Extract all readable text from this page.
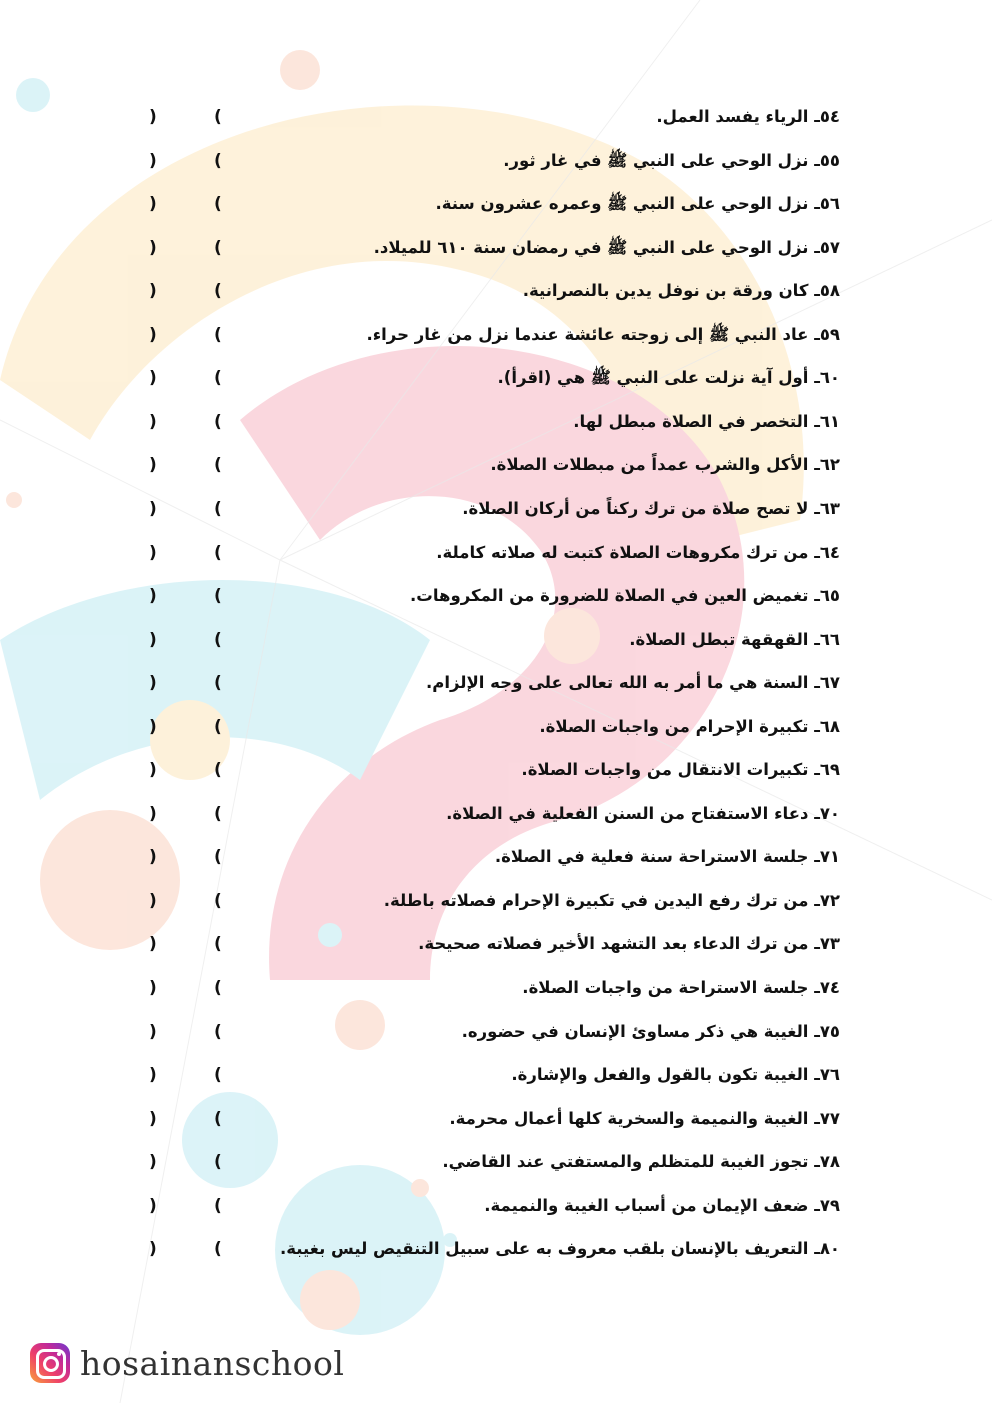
٥٤ـ الرياء يفسد العمل.
(
)
٥٥ـ نزل الوحي على النبي ﷺ في غار ثور.
(
)
٥٦ـ نزل الوحي على النبي ﷺ وعمره عشرون سنة.
(
)
٥٧ـ نزل الوحي على النبي ﷺ في رمضان سنة ٦١٠ للميلاد.
(
)
٥٨ـ كان ورقة بن نوفل يدين بالنصرانية.
(
)
٥٩ـ عاد النبي ﷺ إلى زوجته عائشة عندما نزل من غار حراء.
(
)
٦٠ـ أول آية نزلت على النبي ﷺ هي (اقرأ).
(
)
٦١ـ التخصر في الصلاة مبطل لها.
(
)
٦٢ـ الأكل والشرب عمداً من مبطلات الصلاة.
(
)
٦٣ـ لا تصح صلاة من ترك ركناً من أركان الصلاة.
(
)
٦٤ـ من ترك مكروهات الصلاة كتبت له صلاته كاملة.
(
)
٦٥ـ تغميض العين في الصلاة للضرورة من المكروهات.
(
)
٦٦ـ القهقهة تبطل الصلاة.
(
)
٦٧ـ السنة هي ما أمر به الله تعالى على وجه الإلزام.
(
)
٦٨ـ تكبيرة الإحرام من واجبات الصلاة.
(
)
٦٩ـ تكبيرات الانتقال من واجبات الصلاة.
(
)
٧٠ـ دعاء الاستفتاح من السنن الفعلية في الصلاة.
(
)
٧١ـ جلسة الاستراحة سنة فعلية في الصلاة.
(
)
٧٢ـ من ترك رفع اليدين في تكبيرة الإحرام فصلاته باطلة.
(
)
٧٣ـ من ترك الدعاء بعد التشهد الأخير فصلاته صحيحة.
(
)
٧٤ـ جلسة الاستراحة من واجبات الصلاة.
(
)
٧٥ـ الغيبة هي ذكر مساوئ الإنسان في حضوره.
(
)
٧٦ـ الغيبة تكون بالقول والفعل والإشارة.
(
)
٧٧ـ الغيبة والنميمة والسخرية كلها أعمال محرمة.
(
)
٧٨ـ تجوز الغيبة للمتظلم والمستفتي عند القاضي.
(
)
٧٩ـ ضعف الإيمان من أسباب الغيبة والنميمة.
(
)
٨٠ـ التعريف بالإنسان بلقب معروف به على سبيل التنقيص ليس بغيبة.
(
)
hosainanschool
